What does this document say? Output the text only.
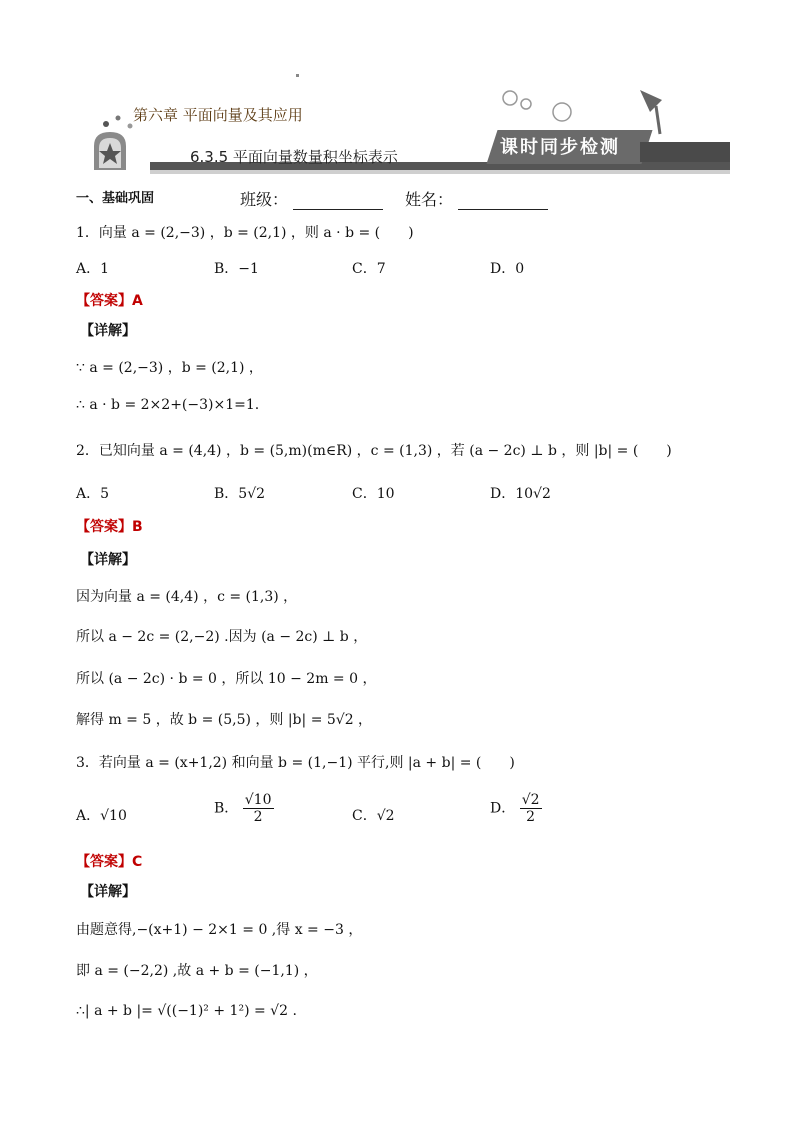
第六章 平面向量及其应用
6.3.5 平面向量数量积坐标表示	课时同步检测
一、基础巩固	班级：	姓名：
1．向量 a = (2,−3) ，b = (2,1) ，则 a · b = (　　)
A．1	B．−1	C．7	D．0
【答案】A
【详解】
∵ a = (2,−3) ，b = (2,1) ，
∴ a · b = 2×2+(−3)×1=1.
2．已知向量 a = (4,4) ，b = (5,m)(m∈R) ，c = (1,3) ，若 (a − 2c) ⊥ b ，则 |b| = (　　)
A．5	B．5√2	C．10	D．10√2
【答案】B
【详解】
因为向量 a = (4,4) ，c = (1,3) ，
所以 a − 2c = (2,−2) .因为 (a − 2c) ⊥ b ，
所以 (a − 2c) · b = 0 ，所以 10 − 2m = 0 ，
解得 m = 5 ，故 b = (5,5) ，则 |b| = 5√2 ，
3．若向量 a = (x+1,2) 和向量 b = (1,−1) 平行,则 |a + b| = (　　)
A．√10	B． $\frac{√10}{2}$	C．√2	D． $\frac{√2}{2}$
【答案】C
【详解】
由题意得,−(x+1) − 2×1 = 0 ,得 x = −3 ，
即 a = (−2,2) ,故 a + b = (−1,1) ，
∴| a + b |= √((−1)² + 1²) = √2 .
